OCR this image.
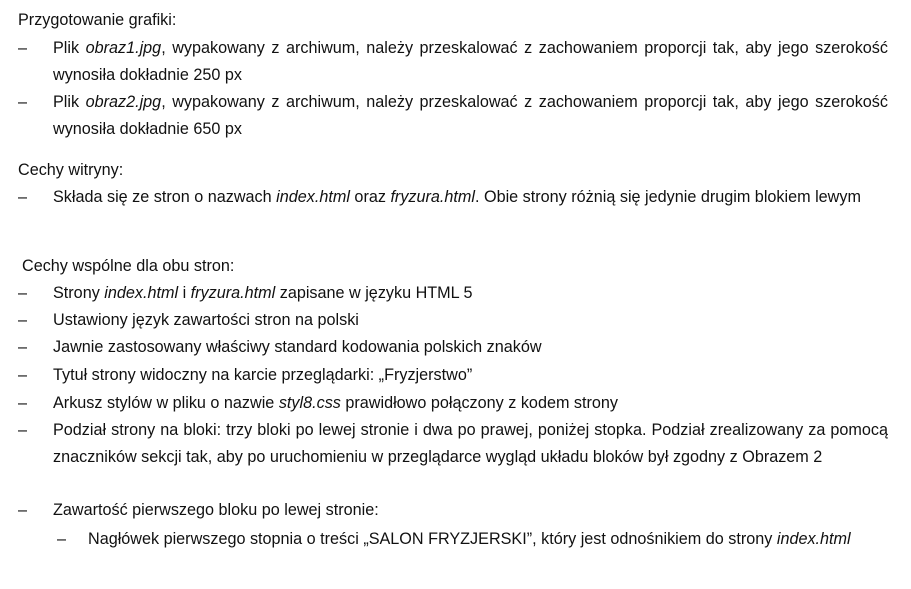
Przygotowanie grafiki:
– Plik obraz1.jpg, wypakowany z archiwum, należy przeskalować z zachowaniem proporcji tak, aby jego szerokość wynosiła dokładnie 250 px
– Plik obraz2.jpg, wypakowany z archiwum, należy przeskalować z zachowaniem proporcji tak, aby jego szerokość wynosiła dokładnie 650 px
Cechy witryny:
– Składa się ze stron o nazwach index.html oraz fryzura.html. Obie strony różnią się jedynie drugim blokiem lewym
Cechy wspólne dla obu stron:
– Strony index.html i fryzura.html zapisane w języku HTML 5
– Ustawiony język zawartości stron na polski
– Jawnie zastosowany właściwy standard kodowania polskich znaków
– Tytuł strony widoczny na karcie przeglądarki: „Fryzjerstwo”
– Arkusz stylów w pliku o nazwie styl8.css prawidłowo połączony z kodem strony
– Podział strony na bloki: trzy bloki po lewej stronie i dwa po prawej, poniżej stopka. Podział zrealizowany za pomocą znaczników sekcji tak, aby po uruchomieniu w przeglądarce wygląd układu bloków był zgodny z Obrazem 2
– Zawartość pierwszego bloku po lewej stronie:
– Nagłówek pierwszego stopnia o treści „SALON FRYZJERSKI”, który jest odnośnikiem do strony index.html
